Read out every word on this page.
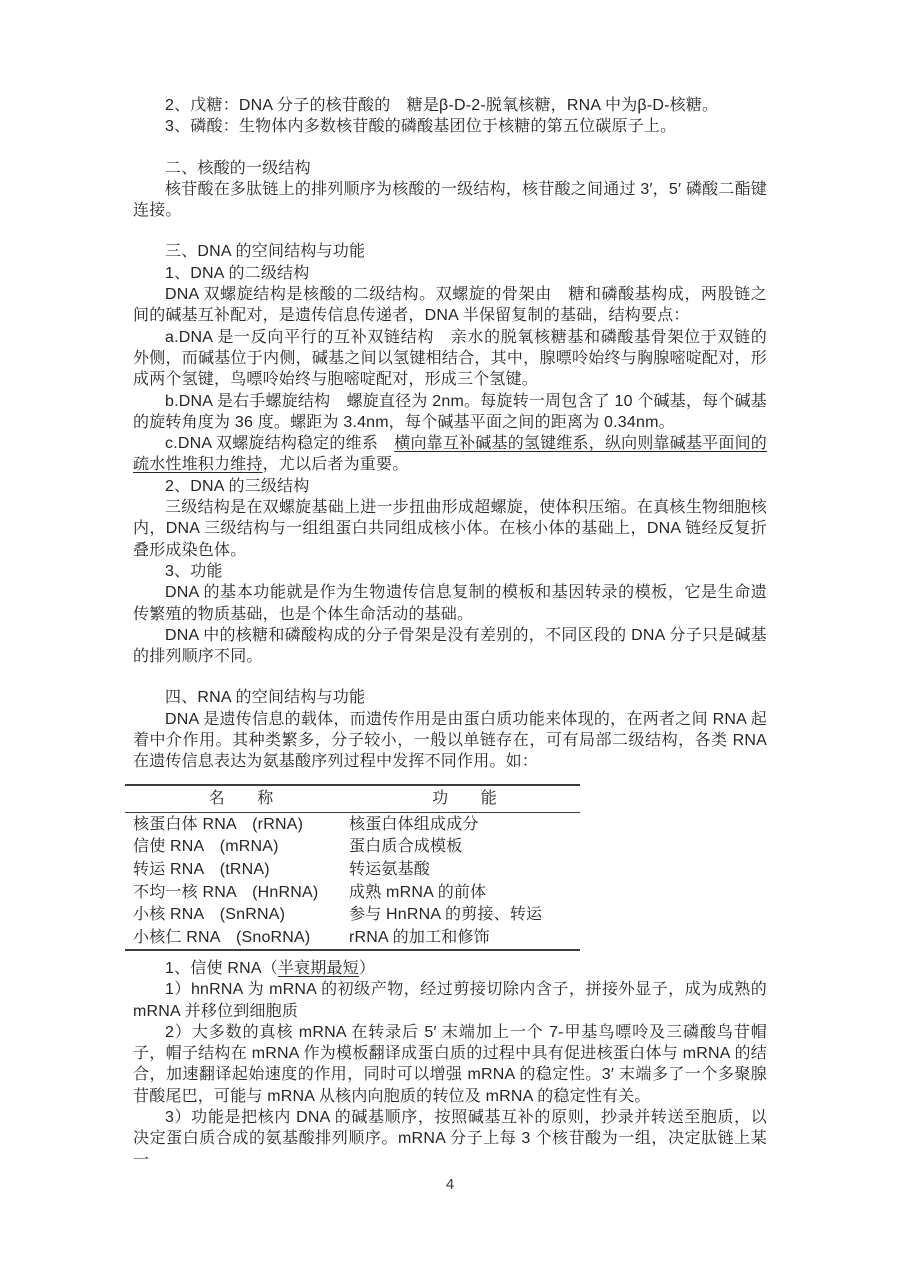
2、戊糖：DNA 分子的核苷酸的　糖是β-D-2-脱氧核糖，RNA 中为β-D-核糖。

3、磷酸：生物体内多数核苷酸的磷酸基团位于核糖的第五位碳原子上。

二、核酸的一级结构

核苷酸在多肽链上的排列顺序为核酸的一级结构，核苷酸之间通过 3′，5′ 磷酸二酯键连接。

三、DNA 的空间结构与功能

1、DNA 的二级结构

DNA 双螺旋结构是核酸的二级结构。双螺旋的骨架由　糖和磷酸基构成，两股链之间的碱基互补配对，是遗传信息传递者，DNA 半保留复制的基础，结构要点：

a.DNA 是一反向平行的互补双链结构　亲水的脱氧核糖基和磷酸基骨架位于双链的外侧，而碱基位于内侧，碱基之间以氢键相结合，其中，腺嘌呤始终与胸腺嘧啶配对，形成两个氢键，鸟嘌呤始终与胞嘧啶配对，形成三个氢键。

b.DNA 是右手螺旋结构　螺旋直径为 2nm。每旋转一周包含了 10 个碱基，每个碱基的旋转角度为 36 度。螺距为 3.4nm，每个碱基平面之间的距离为 0.34nm。

c.DNA 双螺旋结构稳定的维系　横向靠互补碱基的氢键维系，纵向则靠碱基平面间的疏水性堆积力维持，尤以后者为重要。

2、DNA 的三级结构

三级结构是在双螺旋基础上进一步扭曲形成超螺旋，使体积压缩。在真核生物细胞核内，DNA 三级结构与一组组蛋白共同组成核小体。在核小体的基础上，DNA 链经反复折叠形成染色体。

3、功能

DNA 的基本功能就是作为生物遗传信息复制的模板和基因转录的模板，它是生命遗传繁殖的物质基础，也是个体生命活动的基础。

DNA 中的核糖和磷酸构成的分子骨架是没有差别的，不同区段的 DNA 分子只是碱基的排列顺序不同。

四、RNA 的空间结构与功能

DNA 是遗传信息的载体，而遗传作用是由蛋白质功能来体现的，在两者之间 RNA 起着中介作用。其种类繁多，分子较小，一般以单链存在，可有局部二级结构，各类 RNA 在遗传信息表达为氨基酸序列过程中发挥不同作用。如：

名　　称	功　　能
核蛋白体 RNA　(rRNA)	核蛋白体组成成分
信使 RNA　(mRNA)	蛋白质合成模板
转运 RNA　(tRNA)	转运氨基酸
不均一核 RNA　(HnRNA)	成熟 mRNA 的前体
小核 RNA　(SnRNA)	参与 HnRNA 的剪接、转运
小核仁 RNA　(SnoRNA)	rRNA 的加工和修饰

1、信使 RNA（半衰期最短）

1）hnRNA 为 mRNA 的初级产物，经过剪接切除内含子，拼接外显子，成为成熟的 mRNA 并移位到细胞质

2）大多数的真核 mRNA 在转录后 5′ 末端加上一个 7-甲基鸟嘌呤及三磷酸鸟苷帽子，帽子结构在 mRNA 作为模板翻译成蛋白质的过程中具有促进核蛋白体与 mRNA 的结合，加速翻译起始速度的作用，同时可以增强 mRNA 的稳定性。3′ 末端多了一个多聚腺苷酸尾巴，可能与 mRNA 从核内向胞质的转位及 mRNA 的稳定性有关。

3）功能是把核内 DNA 的碱基顺序，按照碱基互补的原则，抄录并转送至胞质，以决定蛋白质合成的氨基酸排列顺序。mRNA 分子上每 3 个核苷酸为一组，决定肽链上某一

4
